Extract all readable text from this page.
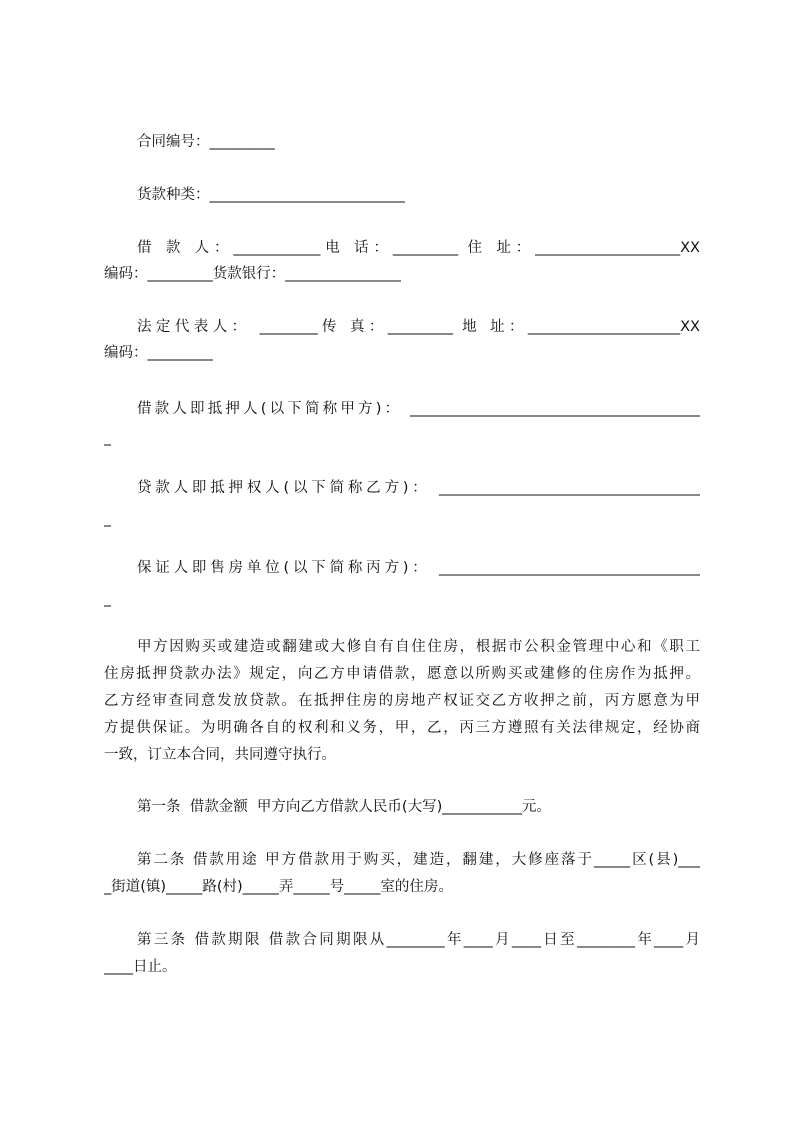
合同编号：_________
货款种类：___________________________
借 款 人：____________电 话：_________ 住 址：____________________XX
编码：_________货款银行：________________
法定代表人： ________传 真：_________ 地 址：_____________________XX
编码：_________
借款人即抵押人(以下简称甲方)： ________________________________________
_
贷款人即抵押权人(以下简称乙方)： ____________________________________
_
保证人即售房单位(以下简称丙方)： ____________________________________
_
甲方因购买或建造或翻建或大修自有自住住房，根据市公积金管理中心和《职工
住房抵押贷款办法》规定，向乙方申请借款，愿意以所购买或建修的住房作为抵押。
乙方经审查同意发放贷款。在抵押住房的房地产权证交乙方收押之前，丙方愿意为甲
方提供保证。为明确各自的权利和义务，甲，乙，丙三方遵照有关法律规定，经协商
一致，订立本合同，共同遵守执行。
第一条  借款金额  甲方向乙方借款人民币(大写)___________元。
第二条 借款用途 甲方借款用于购买，建造，翻建，大修座落于_____区(县)___
_街道(镇)_____路(村)_____弄_____号_____室的住房。
第三条 借款期限 借款合同期限从________年____月____日至________年____月
____日止。
